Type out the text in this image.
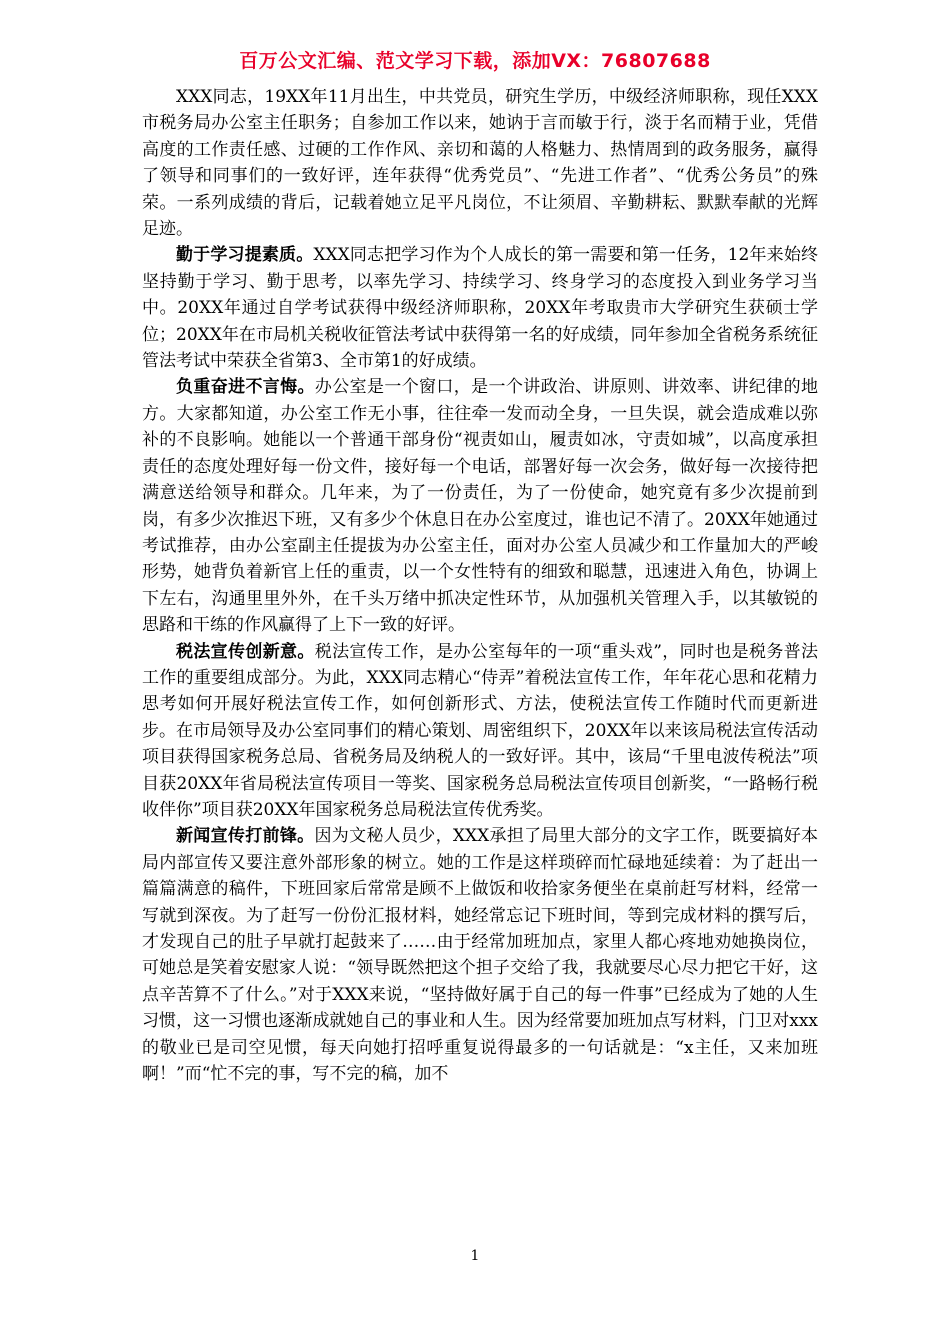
百万公文汇编、范文学习下载，添加VX：76807688

XXX同志，19XX年11月出生，中共党员，研究生学历，中级经济师职称，现任XXX市税务局办公室主任职务；自参加工作以来，她讷于言而敏于行，淡于名而精于业，凭借高度的工作责任感、过硬的工作作风、亲切和蔼的人格魅力、热情周到的政务服务，赢得了领导和同事们的一致好评，连年获得“优秀党员”、“先进工作者”、“优秀公务员”的殊荣。一系列成绩的背后，记载着她立足平凡岗位，不让须眉、辛勤耕耘、默默奉献的光辉足迹。

勤于学习提素质。XXX同志把学习作为个人成长的第一需要和第一任务，12年来始终坚持勤于学习、勤于思考，以率先学习、持续学习、终身学习的态度投入到业务学习当中。20XX年通过自学考试获得中级经济师职称，20XX年考取贵市大学研究生获硕士学位；20XX年在市局机关税收征管法考试中获得第一名的好成绩，同年参加全省税务系统征管法考试中荣获全省第3、全市第1的好成绩。

负重奋进不言悔。办公室是一个窗口，是一个讲政治、讲原则、讲效率、讲纪律的地方。大家都知道，办公室工作无小事，往往牵一发而动全身，一旦失误，就会造成难以弥补的不良影响。她能以一个普通干部身份“视责如山，履责如冰，守责如城”，以高度承担责任的态度处理好每一份文件，接好每一个电话，部署好每一次会务，做好每一次接待把满意送给领导和群众。几年来，为了一份责任，为了一份使命，她究竟有多少次提前到岗，有多少次推迟下班，又有多少个休息日在办公室度过，谁也记不清了。20XX年她通过考试推荐，由办公室副主任提拔为办公室主任，面对办公室人员减少和工作量加大的严峻形势，她背负着新官上任的重责，以一个女性特有的细致和聪慧，迅速进入角色，协调上下左右，沟通里里外外，在千头万绪中抓决定性环节，从加强机关管理入手，以其敏锐的思路和干练的作风赢得了上下一致的好评。

税法宣传创新意。税法宣传工作，是办公室每年的一项“重头戏”，同时也是税务普法工作的重要组成部分。为此，XXX同志精心“侍弄”着税法宣传工作，年年花心思和花精力思考如何开展好税法宣传工作，如何创新形式、方法，使税法宣传工作随时代而更新进步。在市局领导及办公室同事们的精心策划、周密组织下，20XX年以来该局税法宣传活动项目获得国家税务总局、省税务局及纳税人的一致好评。其中，该局“千里电波传税法”项目获20XX年省局税法宣传项目一等奖、国家税务总局税法宣传项目创新奖，“一路畅行税收伴你”项目获20XX年国家税务总局税法宣传优秀奖。

新闻宣传打前锋。因为文秘人员少，XXX承担了局里大部分的文字工作，既要搞好本局内部宣传又要注意外部形象的树立。她的工作是这样琐碎而忙碌地延续着：为了赶出一篇篇满意的稿件，下班回家后常常是顾不上做饭和收拾家务便坐在桌前赶写材料，经常一写就到深夜。为了赶写一份份汇报材料，她经常忘记下班时间，等到完成材料的撰写后，才发现自己的肚子早就打起鼓来了……由于经常加班加点，家里人都心疼地劝她换岗位，可她总是笑着安慰家人说：“领导既然把这个担子交给了我，我就要尽心尽力把它干好，这点辛苦算不了什么。”对于XXX来说，“坚持做好属于自己的每一件事”已经成为了她的人生习惯，这一习惯也逐渐成就她自己的事业和人生。因为经常要加班加点写材料，门卫对xxx的敬业已是司空见惯，每天向她打招呼重复说得最多的一句话就是：“x主任，又来加班啊！”而“忙不完的事，写不完的稿，加不

1
